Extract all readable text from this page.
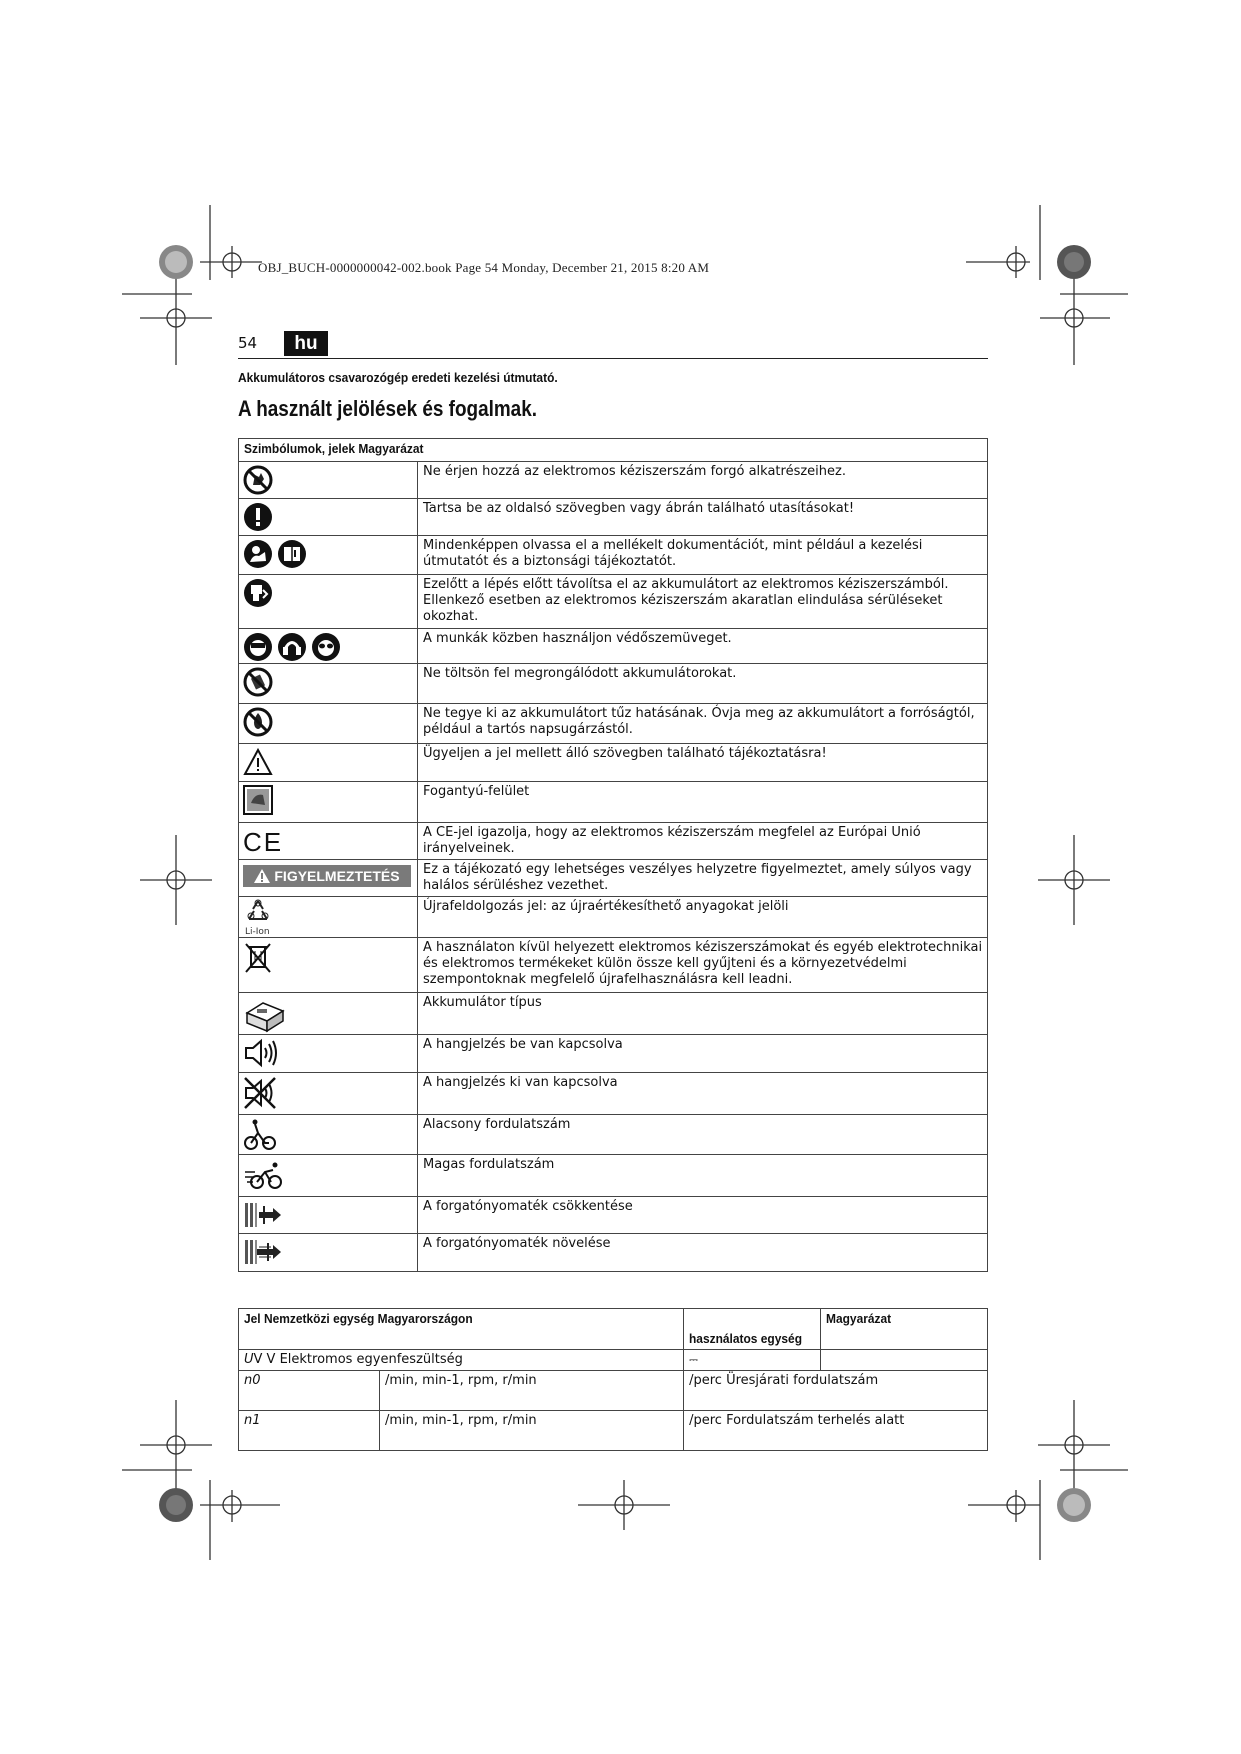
OBJ_BUCH-0000000042-002.book Page 54 Monday, December 21, 2015 8:20 AM
54	hu
Akkumulátoros csavarozógép eredeti kezelési útmutató.
A használt jelölések és fogalmak.
Szimbólumok, jelek Magyarázat	

	Ne érjen hozzá az elektromos kéziszerszám forgó alkatrészeihez.

	Tartsa be az oldalsó szövegben vagy ábrán található utasításokat!

	Mindenképpen olvassa el a mellékelt dokumentációt, mint például a kezelési útmutatót és a biztonsági tájékoztatót.

	Ezelőtt a lépés előtt távolítsa el az akkumulátort az elektromos kéziszerszámból. Ellenkező esetben az elektromos kéziszerszám akaratlan elindulása sérüléseket okozhat.

	A munkák közben használjon védőszemüveget.

	Ne töltsön fel megrongálódott akkumulátorokat.

	Ne tegye ki az akkumulátort tűz hatásának. Óvja meg az akkumulátort a forróságtól, például a tartós napsugárzástól.

	Ügyeljen a jel mellett álló szövegben található tájékoztatásra!

	Fogantyú-felület

CE	A CE-jel igazolja, hogy az elektromos kéziszerszám megfelel az Európai Unió irányelveinek.

FIGYELMEZTETÉS	Ez a tájékozató egy lehetséges veszélyes helyzetre figyelmeztet, amely súlyos vagy halálos sérüléshez vezethet.

Li-Ion	Újrafeldolgozás jel: az újraértékesíthető anyagokat jelöli

	A használaton kívül helyezett elektromos kéziszerszámokat és egyéb elektrotechnikai és elektromos termékeket külön össze kell gyűjteni és a környezetvédelmi szempontoknak megfelelő újrafelhasználásra kell leadni.

	Akkumulátor típus

	A hangjelzés be van kapcsolva

	A hangjelzés ki van kapcsolva

	Alacsony fordulatszám

	Magas fordulatszám

	A forgatónyomaték csökkentése

	A forgatónyomaték növelése
Jel Nemzetközi egység Magyarországon		használatos egység	Magyarázat
UV V Elektromos egyenfeszültség		⎓	
n0	/min, min-1, rpm, r/min	/perc Üresjárati fordulatszám	
n1	/min, min-1, rpm, r/min	/perc Fordulatszám terhelés alatt	
